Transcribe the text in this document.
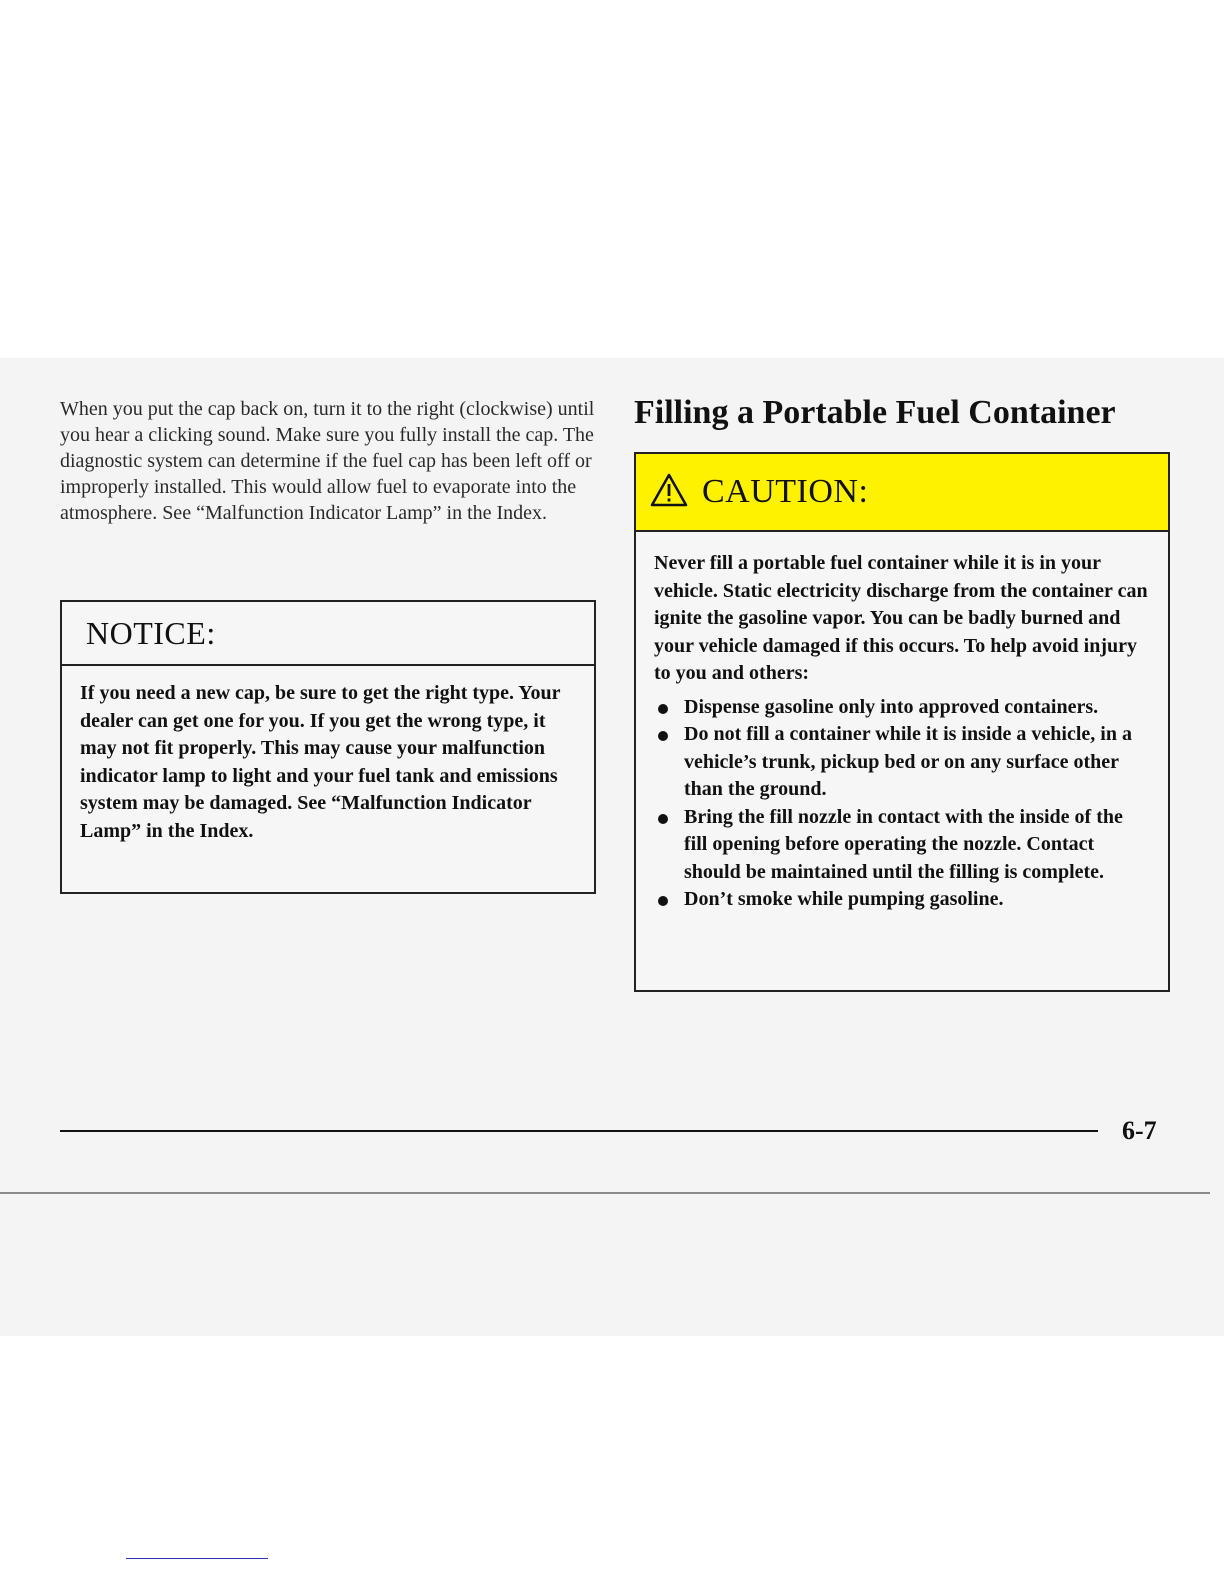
When you put the cap back on, turn it to the right (clockwise) until you hear a clicking sound. Make sure you fully install the cap. The diagnostic system can determine if the fuel cap has been left off or improperly installed. This would allow fuel to evaporate into the atmosphere. See “Malfunction Indicator Lamp” in the Index.

NOTICE:

If you need a new cap, be sure to get the right type. Your dealer can get one for you. If you get the wrong type, it may not fit properly. This may cause your malfunction indicator lamp to light and your fuel tank and emissions system may be damaged. See “Malfunction Indicator Lamp” in the Index.

Filling a Portable Fuel Container
CAUTION:

Never fill a portable fuel container while it is in your vehicle. Static electricity discharge from the container can ignite the gasoline vapor. You can be badly burned and your vehicle damaged if this occurs. To help avoid injury to you and others:

Dispense gasoline only into approved containers.
Do not fill a container while it is inside a vehicle, in a vehicle’s trunk, pickup bed or on any surface other than the ground.
Bring the fill nozzle in contact with the inside of the fill opening before operating the nozzle. Contact should be maintained until the filling is complete.
Don’t smoke while pumping gasoline.

6-7
